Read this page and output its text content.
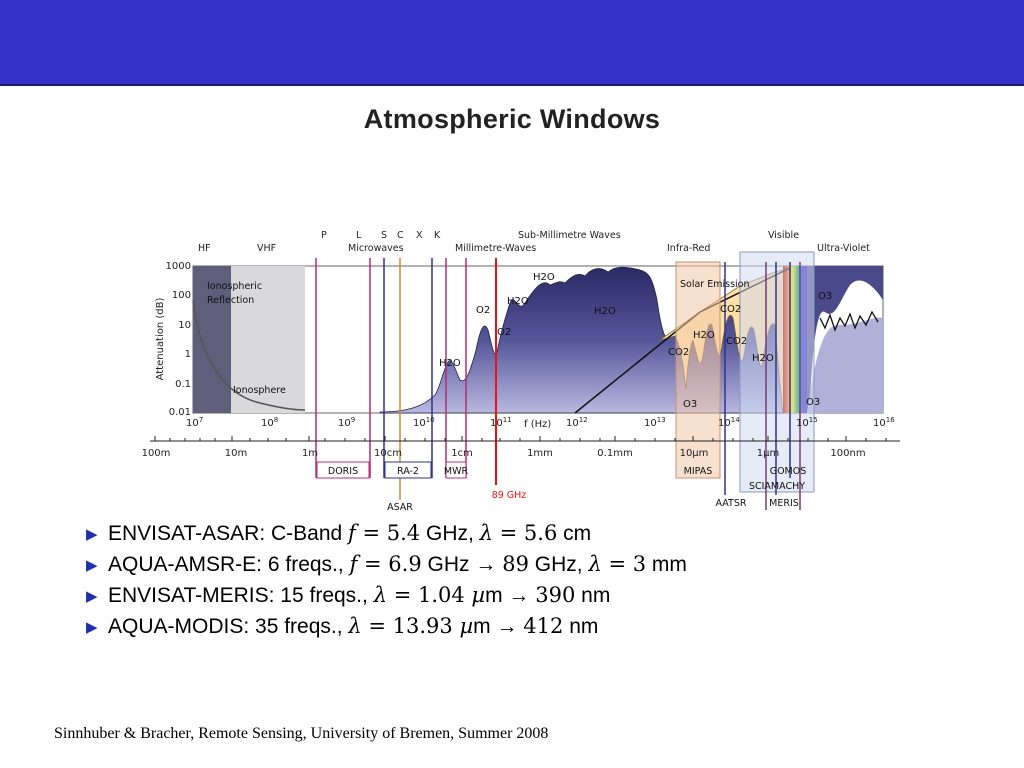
Atmospheric Windows
Attenuation (dB)
1000
100
10
1
0.1
0.01
$10^7$	$10^8$	$10^9$	$10^{10}$	$10^{11}$ f (Hz) $10^{12}$	$10^{13}$	$10^{14}$	$10^{15}$	$10^{16}$
100m	10m	1m	10cm	1cm	1mm	0.1mm	10µm	1µm	100nm
HF	VHF
P	L S C X K
Microwaves
Sub-Millimetre Waves
Millimetre-Waves	Infra-Red
Visible
Ultra-Violet
Ionospheric
Reflection
Ionosphere
Solar Emission
H2O
O2
O2
H2O
H2O
H2O
CO2
H2O
CO2
CO2
H2O
O3
O3
O3
DORIS	RA-2	MWR
ASAR
89 GHz
MIPAS
AATSR
SCIAMACHY
GOMOS
MERIS
▶ ENVISAT-ASAR: C-Band f = 5.4 GHz, λ = 5.6 cm
▶ AQUA-AMSR-E: 6 freqs., f = 6.9 GHz → 89 GHz, λ = 3 mm
▶ ENVISAT-MERIS: 15 freqs., λ = 1.04 µm → 390 nm
▶ AQUA-MODIS: 35 freqs., λ = 13.93 µm → 412 nm
Sinnhuber & Bracher, Remote Sensing, University of Bremen, Summer 2008
